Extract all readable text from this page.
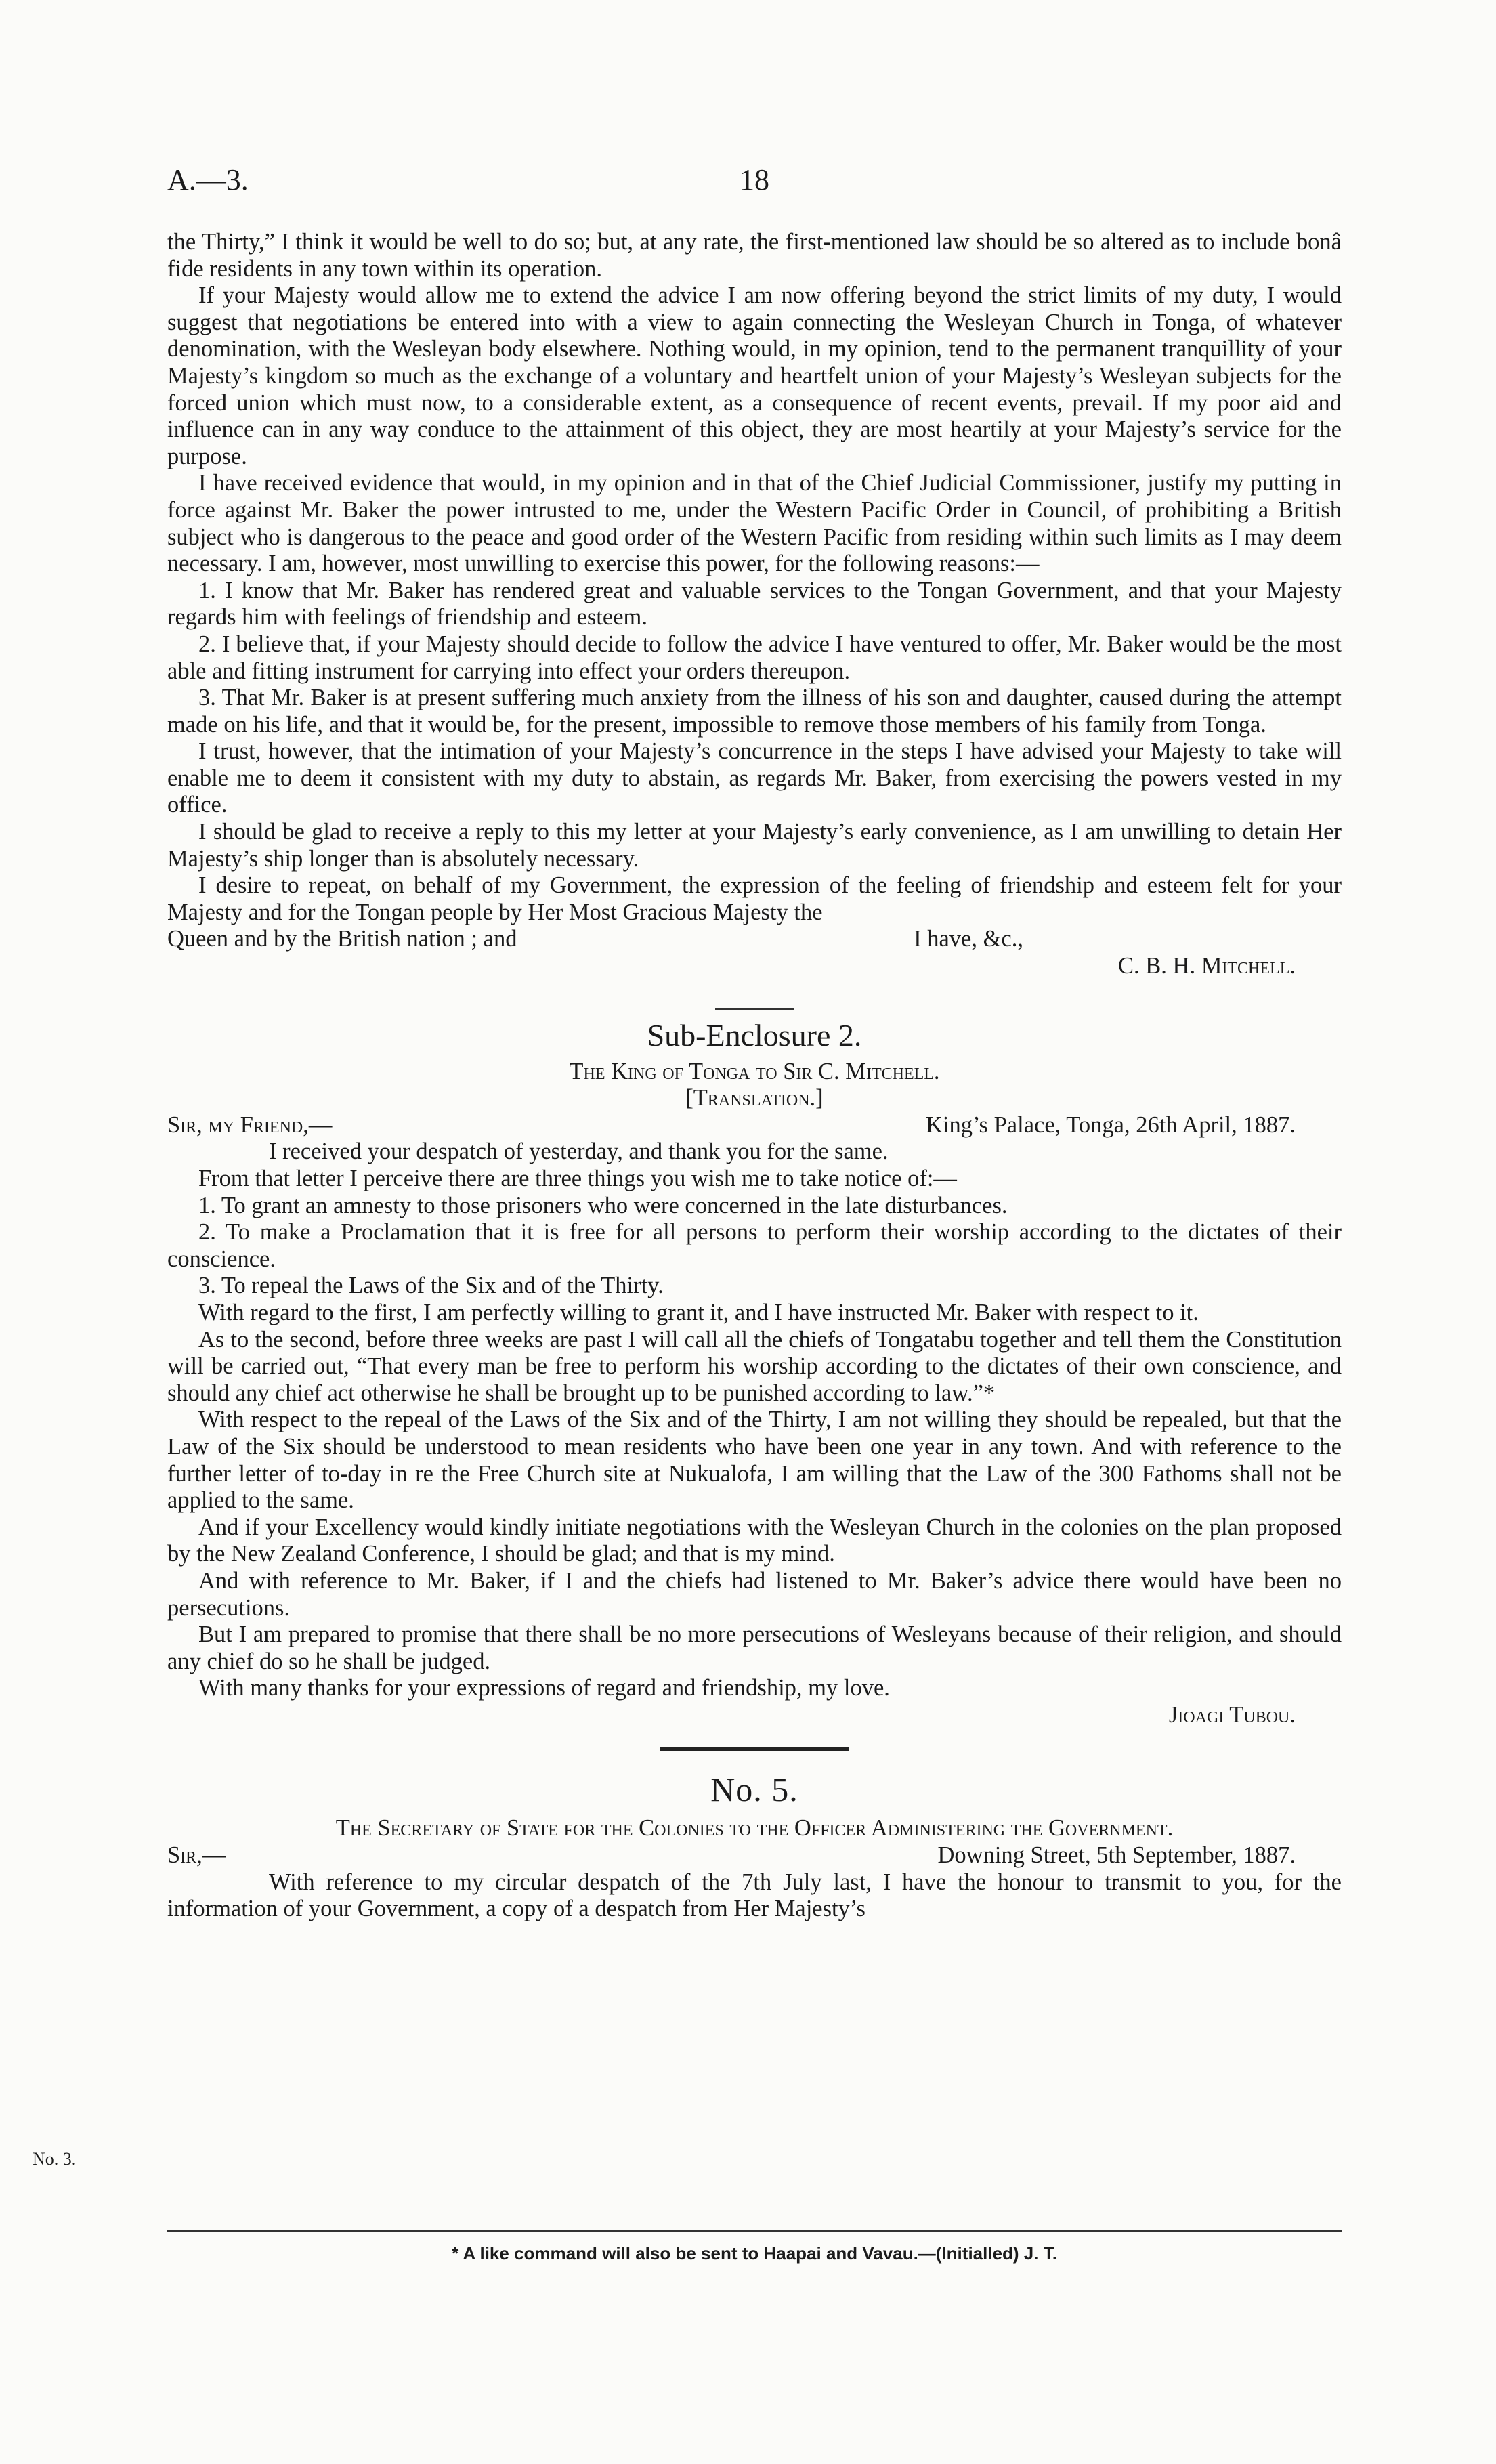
A.—3.	18

the Thirty,” I think it would be well to do so; but, at any rate, the first-mentioned law should be so altered as to include bonâ fide residents in any town within its operation.

If your Majesty would allow me to extend the advice I am now offering beyond the strict limits of my duty, I would suggest that negotiations be entered into with a view to again connecting the Wesleyan Church in Tonga, of whatever denomination, with the Wesleyan body elsewhere. Nothing would, in my opinion, tend to the permanent tranquillity of your Majesty’s kingdom so much as the exchange of a voluntary and heartfelt union of your Majesty’s Wesleyan subjects for the forced union which must now, to a considerable extent, as a consequence of recent events, prevail. If my poor aid and influence can in any way conduce to the attainment of this object, they are most heartily at your Majesty’s service for the purpose.

I have received evidence that would, in my opinion and in that of the Chief Judicial Commissioner, justify my putting in force against Mr. Baker the power intrusted to me, under the Western Pacific Order in Council, of prohibiting a British subject who is dangerous to the peace and good order of the Western Pacific from residing within such limits as I may deem necessary. I am, however, most unwilling to exercise this power, for the following reasons:—

1. I know that Mr. Baker has rendered great and valuable services to the Tongan Government, and that your Majesty regards him with feelings of friendship and esteem.

2. I believe that, if your Majesty should decide to follow the advice I have ventured to offer, Mr. Baker would be the most able and fitting instrument for carrying into effect your orders thereupon.

3. That Mr. Baker is at present suffering much anxiety from the illness of his son and daughter, caused during the attempt made on his life, and that it would be, for the present, impossible to remove those members of his family from Tonga.

I trust, however, that the intimation of your Majesty’s concurrence in the steps I have advised your Majesty to take will enable me to deem it consistent with my duty to abstain, as regards Mr. Baker, from exercising the powers vested in my office.

I should be glad to receive a reply to this my letter at your Majesty’s early convenience, as I am unwilling to detain Her Majesty’s ship longer than is absolutely necessary.

I desire to repeat, on behalf of my Government, the expression of the feeling of friendship and esteem felt for your Majesty and for the Tongan people by Her Most Gracious Majesty the

Queen and by the British nation ; and	I have, &c.,

C. B. H. Mitchell.

Sub-Enclosure 2.

The King of Tonga to Sir C. Mitchell.

[Translation.]

Sir, my Friend,—	King’s Palace, Tonga, 26th April, 1887.

I received your despatch of yesterday, and thank you for the same.

From that letter I perceive there are three things you wish me to take notice of:—

1. To grant an amnesty to those prisoners who were concerned in the late disturbances.

2. To make a Proclamation that it is free for all persons to perform their worship according to the dictates of their conscience.

3. To repeal the Laws of the Six and of the Thirty.

With regard to the first, I am perfectly willing to grant it, and I have instructed Mr. Baker with respect to it.

As to the second, before three weeks are past I will call all the chiefs of Tongatabu together and tell them the Constitution will be carried out, “That every man be free to perform his worship according to the dictates of their own conscience, and should any chief act otherwise he shall be brought up to be punished according to law.”*

With respect to the repeal of the Laws of the Six and of the Thirty, I am not willing they should be repealed, but that the Law of the Six should be understood to mean residents who have been one year in any town. And with reference to the further letter of to-day in re the Free Church site at Nukualofa, I am willing that the Law of the 300 Fathoms shall not be applied to the same.

And if your Excellency would kindly initiate negotiations with the Wesleyan Church in the colonies on the plan proposed by the New Zealand Conference, I should be glad; and that is my mind.

And with reference to Mr. Baker, if I and the chiefs had listened to Mr. Baker’s advice there would have been no persecutions.

But I am prepared to promise that there shall be no more persecutions of Wesleyans because of their religion, and should any chief do so he shall be judged.

With many thanks for your expressions of regard and friendship, my love.

Jioagi Tubou.

No. 5.

The Secretary of State for the Colonies to the Officer Administering the Government.

Sir,—	Downing Street, 5th September, 1887.

With reference to my circular despatch of the 7th July last, I have the honour to transmit to you, for the information of your Government, a copy of a despatch from Her Majesty’s

No. 3.
* A like command will also be sent to Haapai and Vavau.—(Initialled) J. T.
